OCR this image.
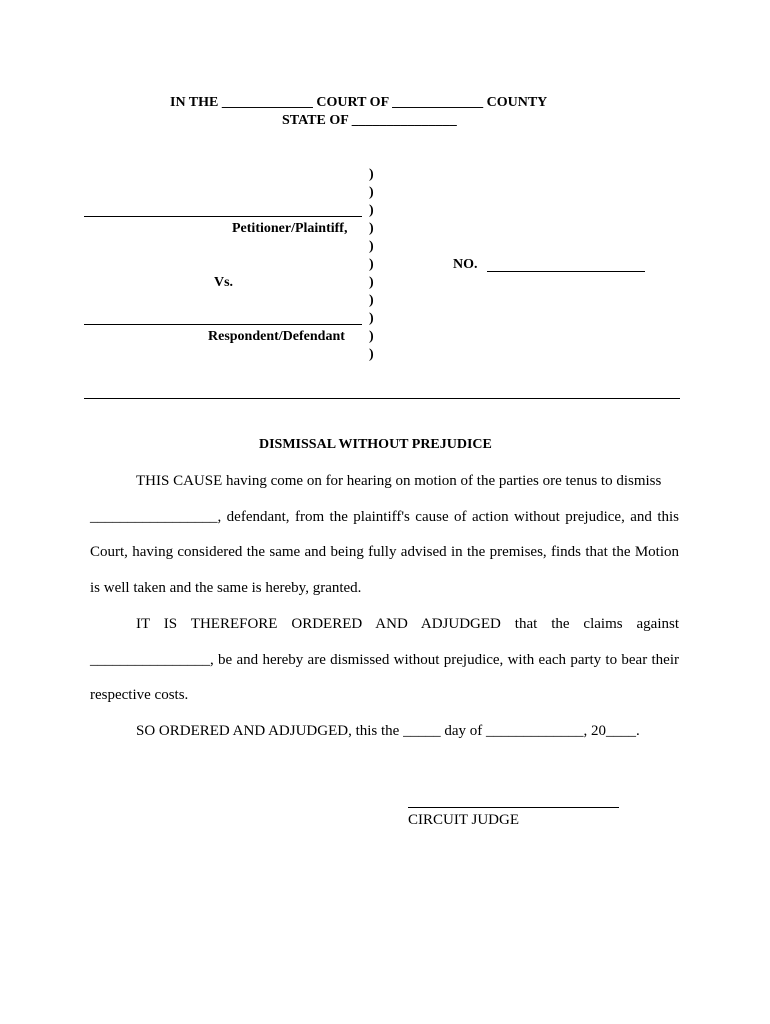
IN THE _____________ COURT OF _____________ COUNTY
STATE OF _______________
)
)
)
)
)
)
)
)
)
)
)
Petitioner/Plaintiff,
Vs.
Respondent/Defendant
NO.
DISMISSAL WITHOUT PREJUDICE
THIS CAUSE having come on for hearing on motion of the parties ore tenus to dismiss
_________________, defendant, from the plaintiff's cause of action without prejudice, and this
Court, having considered the same and being fully advised in the premises, finds that the Motion
is well taken and the same is hereby, granted.
IT IS THEREFORE ORDERED AND ADJUDGED that the claims against
________________, be and hereby are dismissed without prejudice, with each party to bear their
respective costs.
SO ORDERED AND ADJUDGED, this the _____ day of _____________, 20____.
CIRCUIT JUDGE
